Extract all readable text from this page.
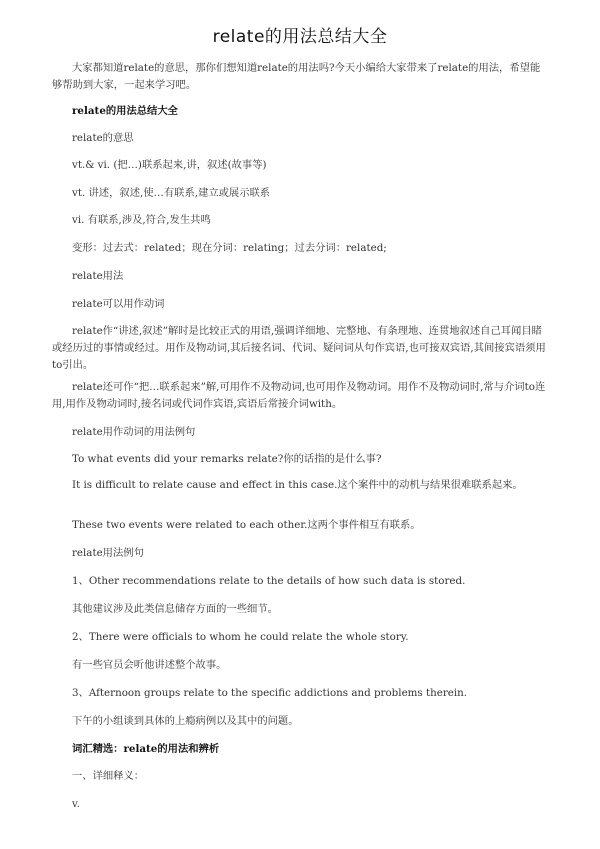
relate的用法总结大全
大家都知道relate的意思，那你们想知道relate的用法吗?今天小编给大家带来了relate的用法，希望能够帮助到大家，一起来学习吧。
relate的用法总结大全
relate的意思
vt.& vi. (把…)联系起来,讲，叙述(故事等)
vt. 讲述，叙述,使…有联系,建立或展示联系
vi. 有联系,涉及,符合,发生共鸣
变形：过去式：related；现在分词：relating；过去分词：related;
relate用法
relate可以用作动词
relate作“讲述,叙述”解时是比较正式的用语,强调详细地、完整地、有条理地、连贯地叙述自己耳闻目睹或经历过的事情或经过。用作及物动词,其后接名词、代词、疑问词从句作宾语,也可接双宾语,其间接宾语须用to引出。
relate还可作“把…联系起来”解,可用作不及物动词,也可用作及物动词。用作不及物动词时,常与介词to连用,用作及物动词时,接名词或代词作宾语,宾语后常接介词with。
relate用作动词的用法例句
To what events did your remarks relate?你的话指的是什么事?
It is difficult to relate cause and effect in this case.这个案件中的动机与结果很难联系起来。
These two events were related to each other.这两个事件相互有联系。
relate用法例句
1、Other recommendations relate to the details of how such data is stored.
其他建议涉及此类信息储存方面的一些细节。
2、There were officials to whom he could relate the whole story.
有一些官员会听他讲述整个故事。
3、Afternoon groups relate to the specific addictions and problems therein.
下午的小组谈到具体的上瘾病例以及其中的问题。
词汇精选：relate的用法和辨析
一、详细释义：
v.
